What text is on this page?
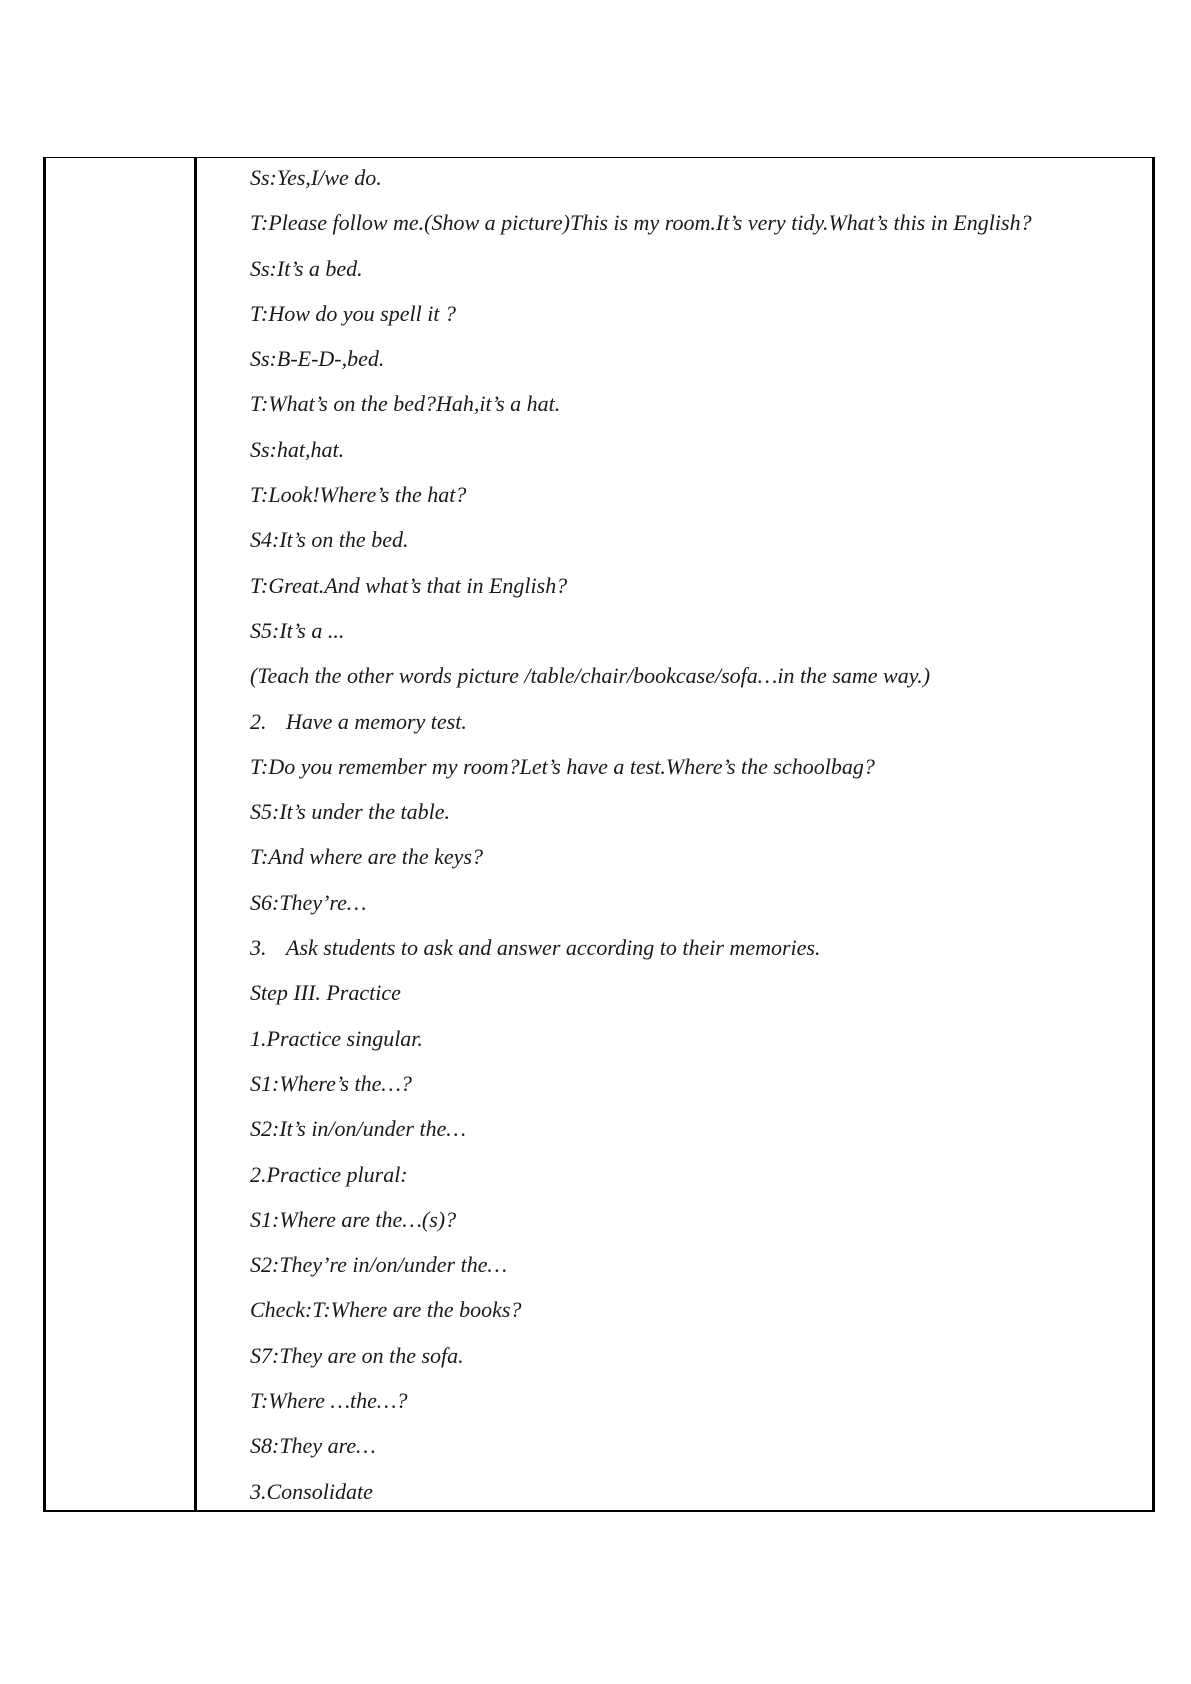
Ss:Yes,I/we do.
T:Please follow me.(Show a picture)This is my room.It’s very tidy.What’s this in English?
Ss:It’s a bed.
T:How do you spell it ?
Ss:B-E-D-,bed.
T:What’s on the bed?Hah,it’s a hat.
Ss:hat,hat.
T:Look!Where’s the hat?
S4:It’s on the bed.
T:Great.And what’s that in English?
S5:It’s a ...
(Teach the other words picture /table/chair/bookcase/sofa…in the same way.)
2. Have a memory test.
T:Do you remember my room?Let’s have a test.Where’s the schoolbag?
S5:It’s under the table.
T:And where are the keys?
S6:They’re…
3. Ask students to ask and answer according to their memories.
Step III. Practice
1.Practice singular.
S1:Where’s the…?
S2:It’s in/on/under the…
2.Practice plural:
S1:Where are the…(s)?
S2:They’re in/on/under the…
Check:T:Where are the books?
S7:They are on the sofa.
T:Where …the…?
S8:They are…
3.Consolidate
